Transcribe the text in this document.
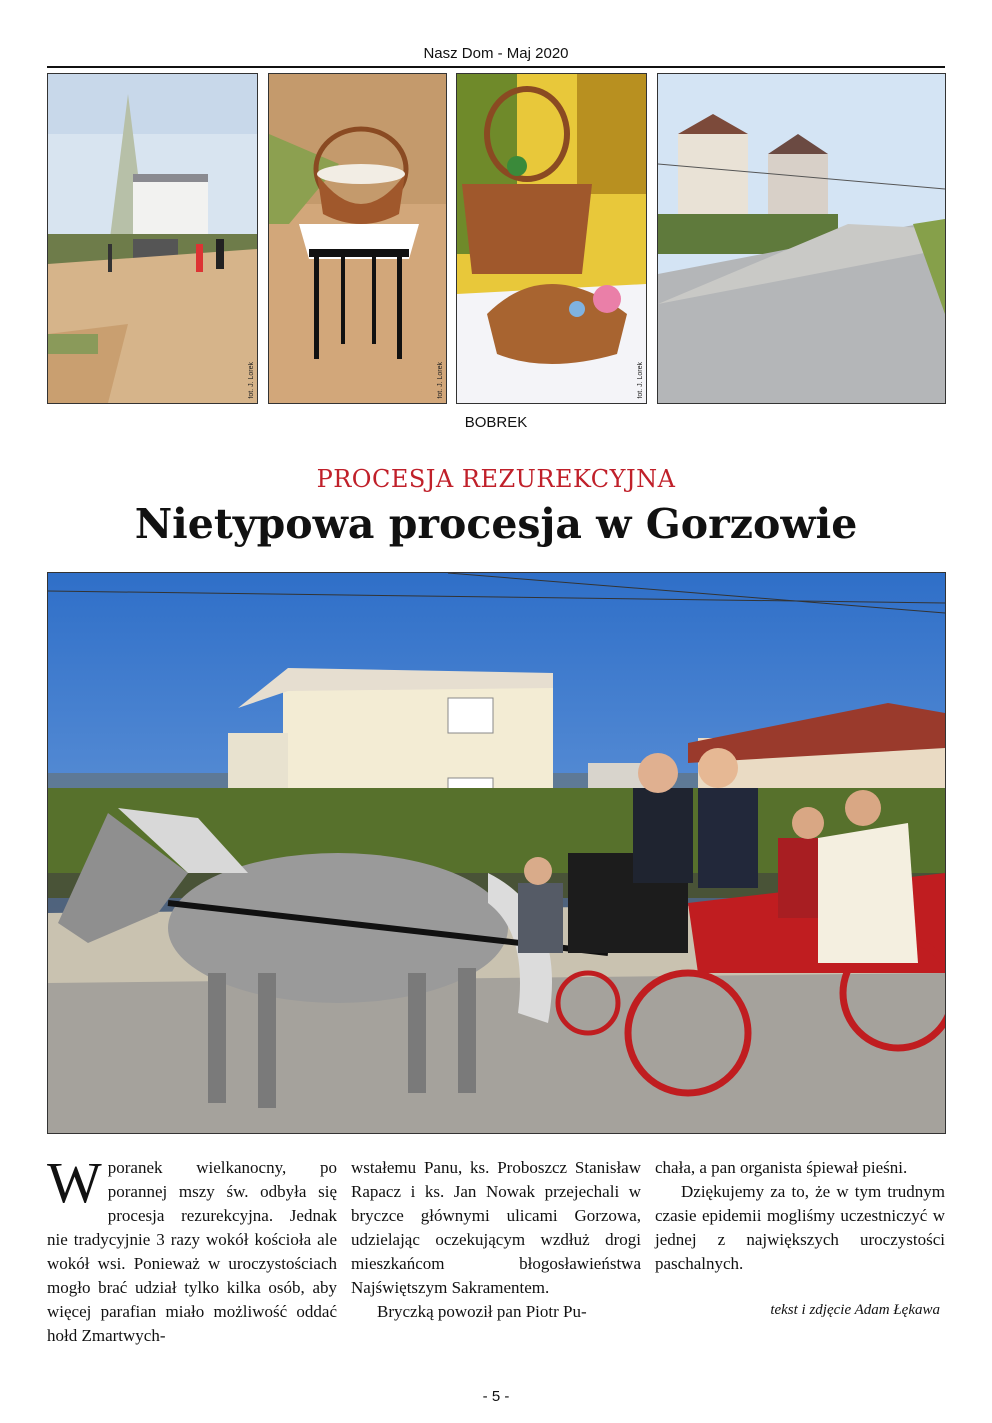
Nasz Dom - Maj 2020
fot. J. Lorek	fot. J. Lorek	fot. J. Lorek
BOBREK
PROCESJA REZUREKCYJNA
Nietypowa procesja w Gorzowie

Wporanek wielkanocny, po porannej mszy św. odbyła się procesja rezurekcyjna. Jednak nie tradycyjnie 3 razy wokół kościoła ale wokół wsi. Ponieważ w uroczystościach mogło brać udział tylko kilka osób, aby więcej parafian miało możliwość oddać hołd Zmartwych-

wstałemu Panu, ks. Proboszcz Stanisław Rapacz i ks. Jan Nowak przejechali w bryczce głównymi ulicami Gorzowa, udzielając oczekującym wzdłuż drogi mieszkańcom błogosławieństwa Najświętszym Sakramentem.

Bryczką powoził pan Piotr Pu-

chała, a pan organista śpiewał pieśni.

Dziękujemy za to, że w tym trudnym czasie epidemii mogliśmy uczestniczyć w jednej z największych uroczystości paschalnych.

tekst i zdjęcie Adam Łękawa
- 5 -
